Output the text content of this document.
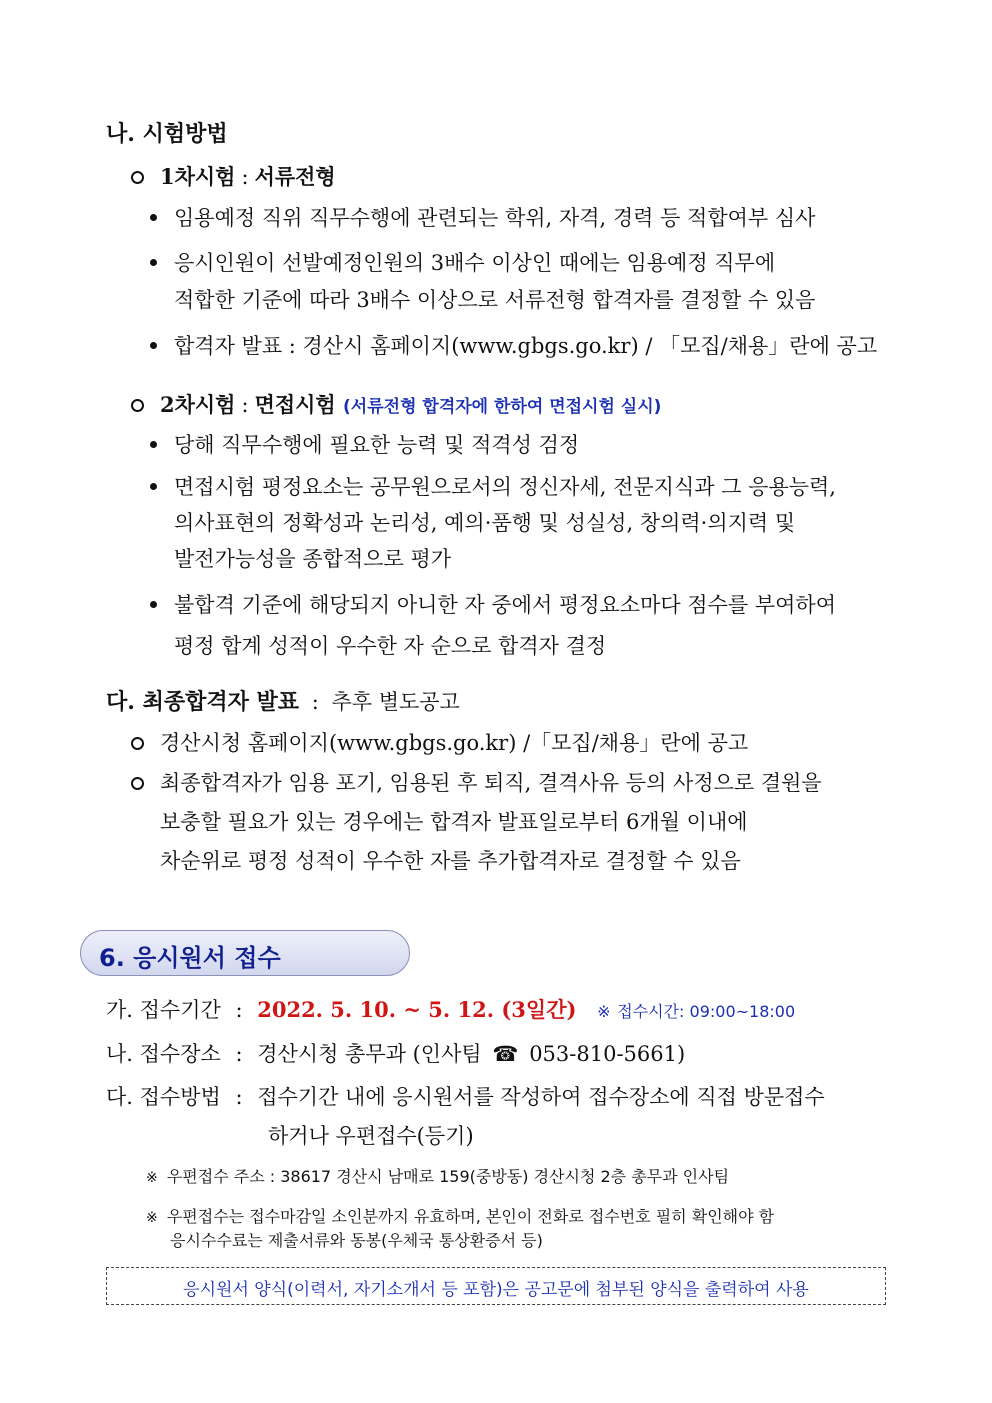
나. 시험방법
1차시험 : 서류전형
임용예정 직위 직무수행에 관련되는 학위, 자격, 경력 등 적합여부 심사
응시인원이 선발예정인원의 3배수 이상인 때에는 임용예정 직무에
적합한 기준에 따라 3배수 이상으로 서류전형 합격자를 결정할 수 있음
합격자 발표 : 경산시 홈페이지(www.gbgs.go.kr) / 「모집/채용」란에 공고
2차시험 : 면접시험 (서류전형 합격자에 한하여 면접시험 실시)
당해 직무수행에 필요한 능력 및 적격성 검정
면접시험 평정요소는 공무원으로서의 정신자세, 전문지식과 그 응용능력,
의사표현의 정확성과 논리성, 예의·품행 및 성실성, 창의력·의지력 및
발전가능성을 종합적으로 평가
불합격 기준에 해당되지 아니한 자 중에서 평정요소마다 점수를 부여하여
평정 합계 성적이 우수한 자 순으로 합격자 결정
다. 최종합격자 발표 : 추후 별도공고
경산시청 홈페이지(www.gbgs.go.kr) /「모집/채용」란에 공고
최종합격자가 임용 포기, 임용된 후 퇴직, 결격사유 등의 사정으로 결원을
보충할 필요가 있는 경우에는 합격자 발표일로부터 6개월 이내에
차순위로 평정 성적이 우수한 자를 추가합격자로 결정할 수 있음
6. 응시원서 접수
가. 접수기간 : 2022. 5. 10. ~ 5. 12. (3일간) ※ 접수시간: 09:00~18:00
나. 접수장소 : 경산시청 총무과 (인사팀 ☎ 053-810-5661)
다. 접수방법 : 접수기간 내에 응시원서를 작성하여 접수장소에 직접 방문접수
하거나 우편접수(등기)
※ 우편접수 주소 : 38617 경산시 남매로 159(중방동) 경산시청 2층 총무과 인사팀
※ 우편접수는 접수마감일 소인분까지 유효하며, 본인이 전화로 접수번호 필히 확인해야 함
응시수수료는 제출서류와 동봉(우체국 통상환증서 등)
응시원서 양식(이력서, 자기소개서 등 포함)은 공고문에 첨부된 양식을 출력하여 사용
